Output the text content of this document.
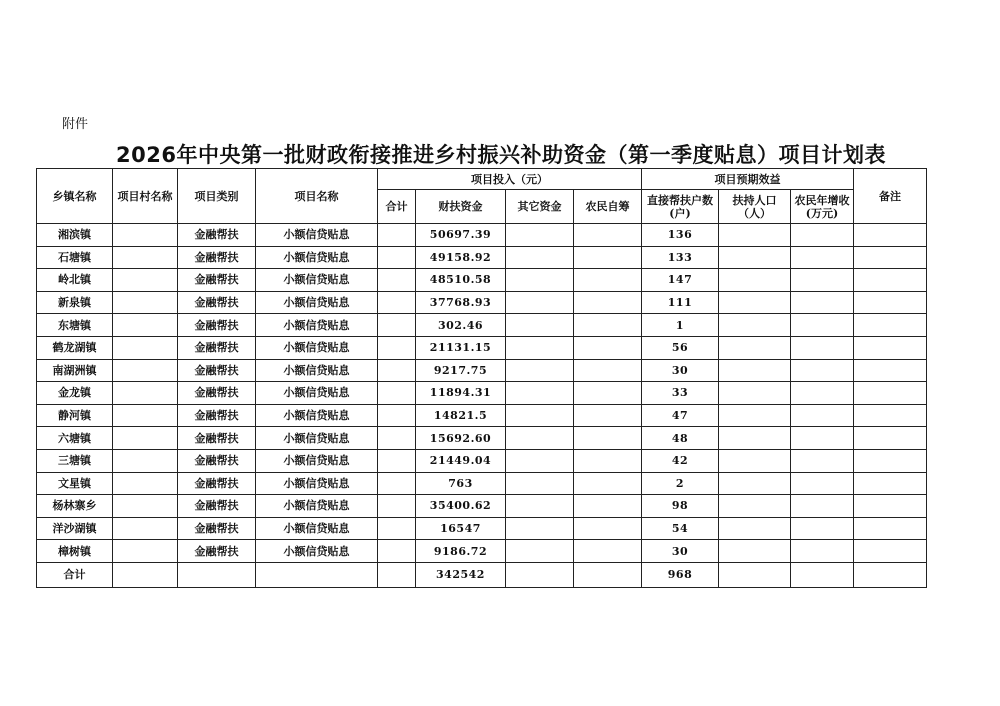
附件
2026年中央第一批财政衔接推进乡村振兴补助资金（第一季度贴息）项目计划表
乡镇名称	项目村名称	项目类别	项目名称	项目投入（元）				项目预期效益			备注
				合计	财扶资金	其它资金	农民自筹	直接帮扶户数(户)	扶持人口（人）	农民年增收(万元)	
湘滨镇		金融帮扶	小额信贷贴息		50697.39			136			
石塘镇		金融帮扶	小额信贷贴息		49158.92			133			
岭北镇		金融帮扶	小额信贷贴息		48510.58			147			
新泉镇		金融帮扶	小额信贷贴息		37768.93			111			
东塘镇		金融帮扶	小额信贷贴息		302.46			1			
鹤龙湖镇		金融帮扶	小额信贷贴息		21131.15			56			
南湖洲镇		金融帮扶	小额信贷贴息		9217.75			30			
金龙镇		金融帮扶	小额信贷贴息		11894.31			33			
静河镇		金融帮扶	小额信贷贴息		14821.5			47			
六塘镇		金融帮扶	小额信贷贴息		15692.60			48			
三塘镇		金融帮扶	小额信贷贴息		21449.04			42			
文星镇		金融帮扶	小额信贷贴息		763			2			
杨林寨乡		金融帮扶	小额信贷贴息		35400.62			98			
洋沙湖镇		金融帮扶	小额信贷贴息		16547			54			
樟树镇		金融帮扶	小额信贷贴息		9186.72			30			
合计					342542			968			
